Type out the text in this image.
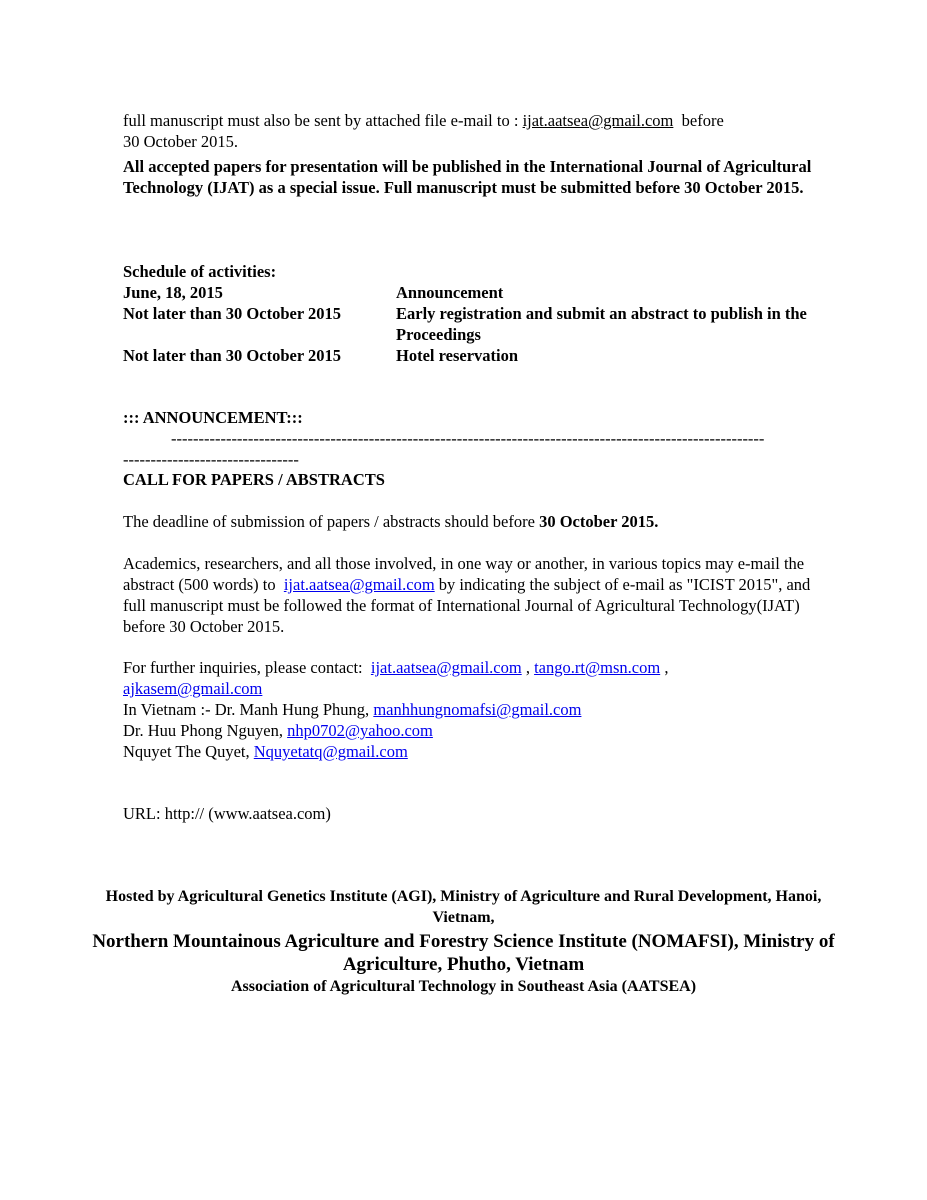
full manuscript must also be sent by attached file e-mail to : ijat.aatsea@gmail.com before
30 October 2015.

All accepted papers for presentation will be published in the International Journal of Agricultural Technology (IJAT) as a special issue. Full manuscript must be submitted before 30 October 2015.

Schedule of activities:
June, 18, 2015	Announcement
Not later than 30 October 2015	Early registration and submit an abstract to publish in the Proceedings
Not later than 30 October 2015	Hotel reservation
::: ANNOUNCEMENT:::
------------------------------------------------------------------------------------------------------------
--------------------------------
CALL FOR PAPERS / ABSTRACTS

The deadline of submission of papers / abstracts should before 30 October 2015.

Academics, researchers, and all those involved, in one way or another, in various topics may e-mail the abstract (500 words) to ijat.aatsea@gmail.com by indicating the subject of e-mail as "ICIST 2015", and full manuscript must be followed the format of International Journal of Agricultural Technology(IJAT) before 30 October 2015.

For further inquiries, please contact: ijat.aatsea@gmail.com , tango.rt@msn.com ,
ajkasem@gmail.com
In Vietnam :- Dr. Manh Hung Phung, manhhungnomafsi@gmail.com
Dr. Huu Phong Nguyen, nhp0702@yahoo.com
Nquyet The Quyet, Nquyetatq@gmail.com
URL: http:// (www.aatsea.com)
Hosted by Agricultural Genetics Institute (AGI), Ministry of Agriculture and Rural Development, Hanoi, Vietnam,
Northern Mountainous Agriculture and Forestry Science Institute (NOMAFSI), Ministry of Agriculture, Phutho, Vietnam
Association of Agricultural Technology in Southeast Asia (AATSEA)
